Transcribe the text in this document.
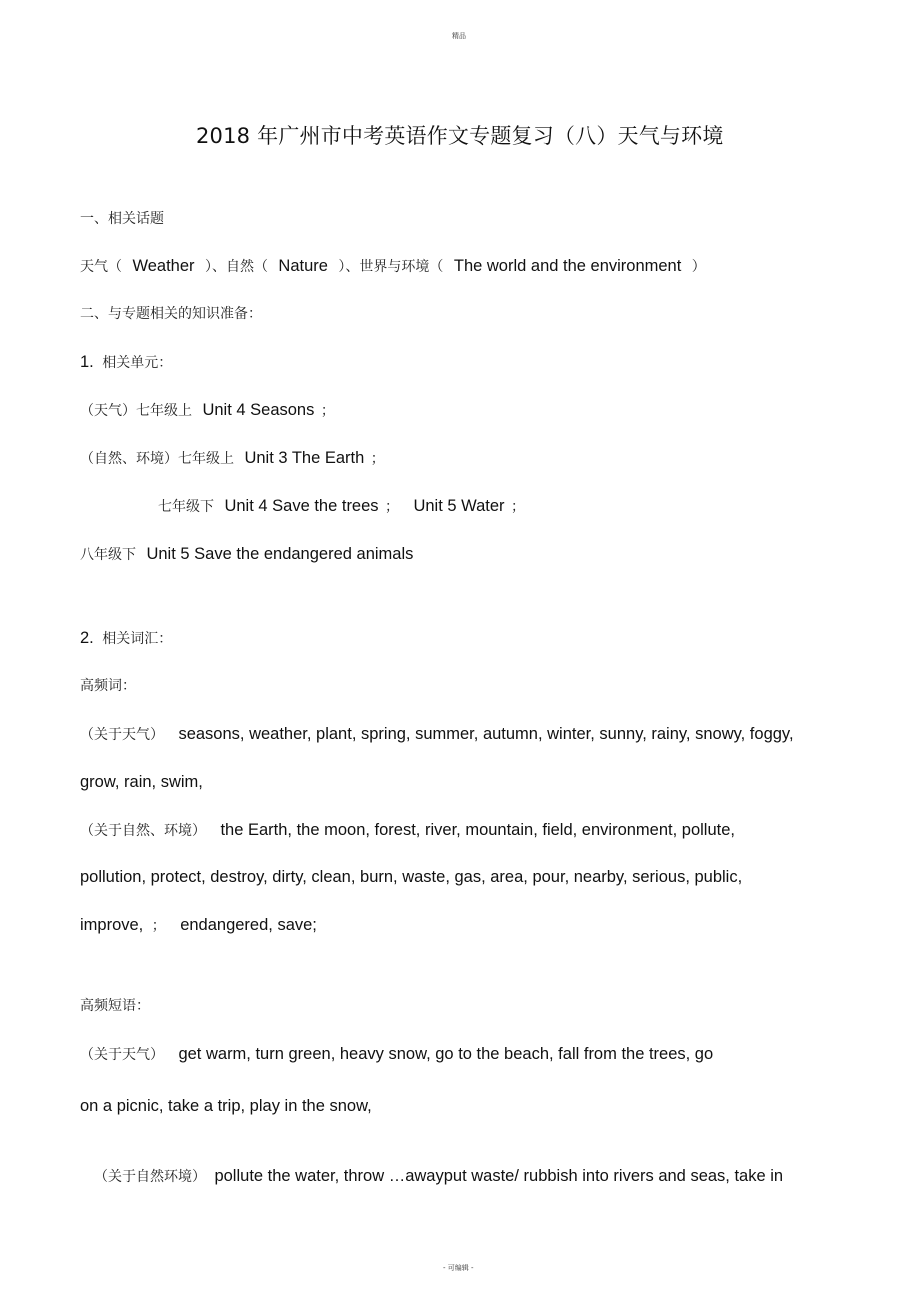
精品
2018 年广州市中考英语作文专题复习（八）天气与环境
一、相关话题
天气（ Weather ）、自然（ Nature ）、世界与环境（ The world and the environment ）
二、与专题相关的知识准备：
1. 相关单元：
（天气）七年级上 Unit 4 Seasons ；
（自然、环境）七年级上 Unit 3 The Earth ；
七年级下 Unit 4 Save the trees ； Unit 5 Water ；
八年级下 Unit 5 Save the endangered animals
2. 相关词汇：
高频词：
（关于天气） seasons, weather, plant, spring, summer, autumn, winter, sunny, rainy, snowy, foggy,
grow, rain, swim,
（关于自然、环境） the Earth, the moon, forest, river, mountain, field, environment, pollute,
pollution, protect, destroy, dirty, clean, burn, waste, gas, area, pour, nearby, serious, public,
improve, ； endangered, save;
高频短语：
（关于天气） get warm, turn green, heavy snow, go to the beach, fall from the trees, go
on a picnic, take a trip, play in the snow,
（关于自然环境） pollute the water, throw …awayput waste/ rubbish into rivers and seas, take in
- 可编辑 -
